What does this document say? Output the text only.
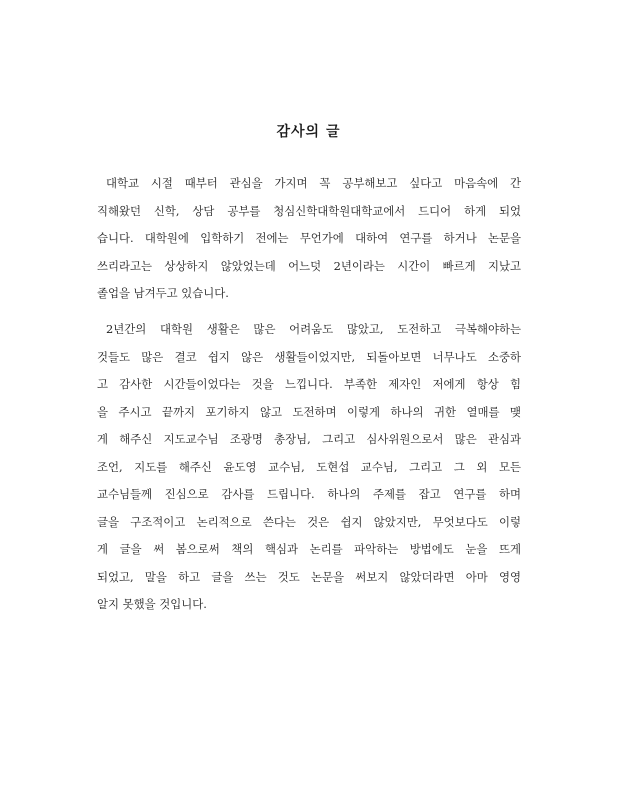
감사의 글
대학교 시절 때부터 관심을 가지며 꼭 공부해보고 싶다고 마음속에 간
직해왔던 신학, 상담 공부를 청심신학대학원대학교에서 드디어 하게 되었
습니다. 대학원에 입학하기 전에는 무언가에 대하여 연구를 하거나 논문을
쓰리라고는 상상하지 않았었는데 어느덧 2년이라는 시간이 빠르게 지났고
졸업을 남겨두고 있습니다.
2년간의 대학원 생활은 많은 어려움도 많았고, 도전하고 극복해야하는
것들도 많은 결코 쉽지 않은 생활들이었지만, 되돌아보면 너무나도 소중하
고 감사한 시간들이었다는 것을 느낍니다. 부족한 제자인 저에게 항상 힘
을 주시고 끝까지 포기하지 않고 도전하며 이렇게 하나의 귀한 열매를 맺
게 해주신 지도교수님 조광명 총장님, 그리고 심사위원으로서 많은 관심과
조언, 지도를 해주신 윤도영 교수님, 도현섭 교수님, 그리고 그 외 모든
교수님들께 진심으로 감사를 드립니다. 하나의 주제를 잡고 연구를 하며
글을 구조적이고 논리적으로 쓴다는 것은 쉽지 않았지만, 무엇보다도 이렇
게 글을 써 봄으로써 책의 핵심과 논리를 파악하는 방법에도 눈을 뜨게
되었고, 말을 하고 글을 쓰는 것도 논문을 써보지 않았더라면 아마 영영
알지 못했을 것입니다.
